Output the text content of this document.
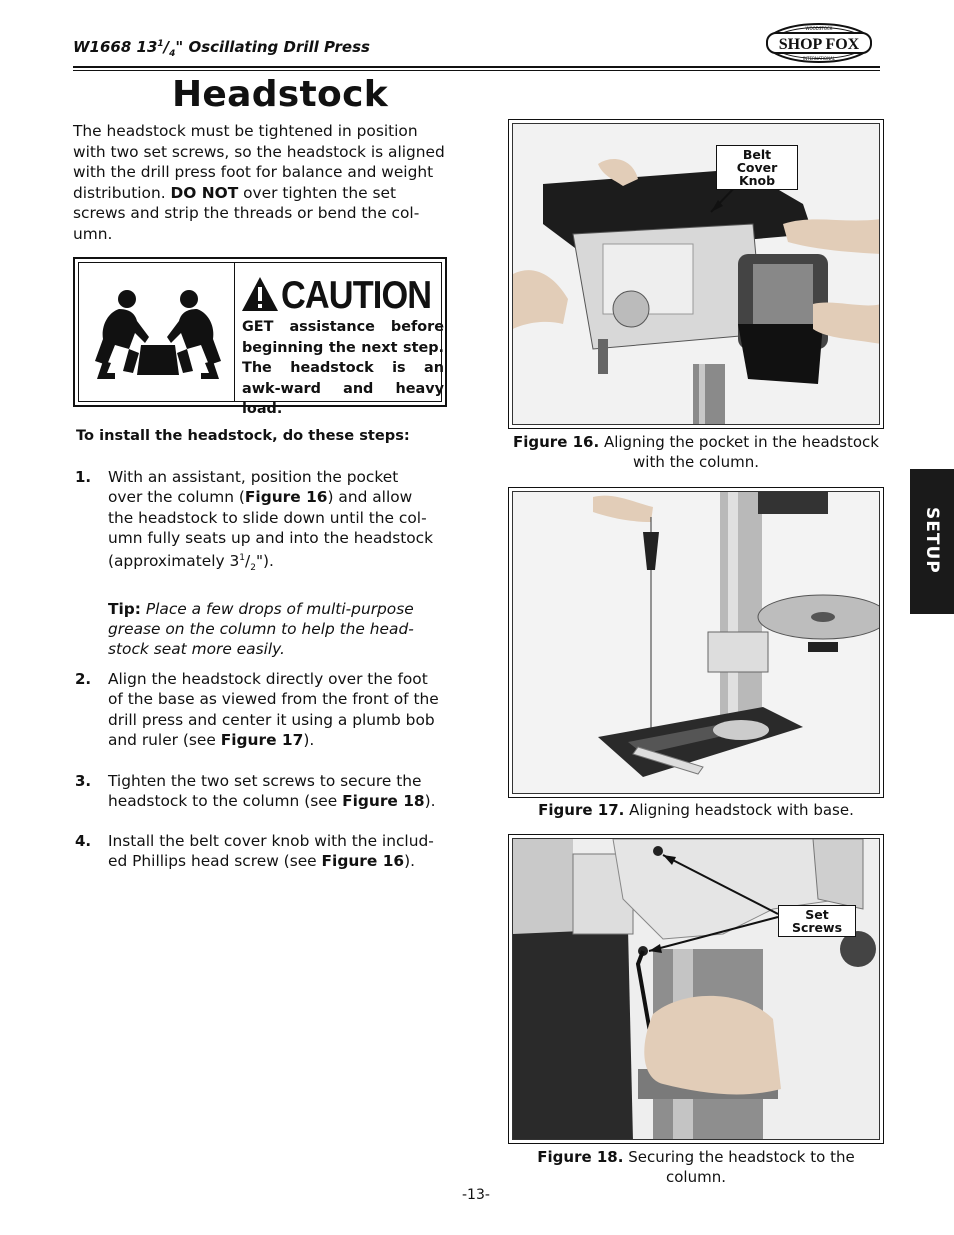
W1668 $13^1/_4$" Oscillating Drill Press	SHOP FOX
WOODSTOCK
INTERNATIONAL
Headstock
The headstock must be tightened in position
with two set screws, so the headstock is aligned
with the drill press foot for balance and weight
distribution. DO NOT over tighten the set
screws and strip the threads or bend the col-
umn.
CAUTION
GET assistance before beginning the next step. The headstock is an awk-ward and heavy load.
To install the headstock, do these steps:
1. With an assistant, position the pocket
over the column (Figure 16) and allow
the headstock to slide down until the col-
umn fully seats up and into the headstock
(approximately $3^1/_2$").
Tip: Place a few drops of multi-purpose
grease on the column to help the head-
stock seat more easily.
2. Align the headstock directly over the foot
of the base as viewed from the front of the
drill press and center it using a plumb bob
and ruler (see Figure 17).
3. Tighten the two set screws to secure the
headstock to the column (see Figure 18).
4. Install the belt cover knob with the includ-
ed Phillips head screw (see Figure 16).
Belt Cover
Knob
Figure 16. Aligning the pocket in the headstock
with the column.
Figure 17. Aligning headstock with base.
Set Screws
Figure 18. Securing the headstock to the
column.
SETUP
-13-
